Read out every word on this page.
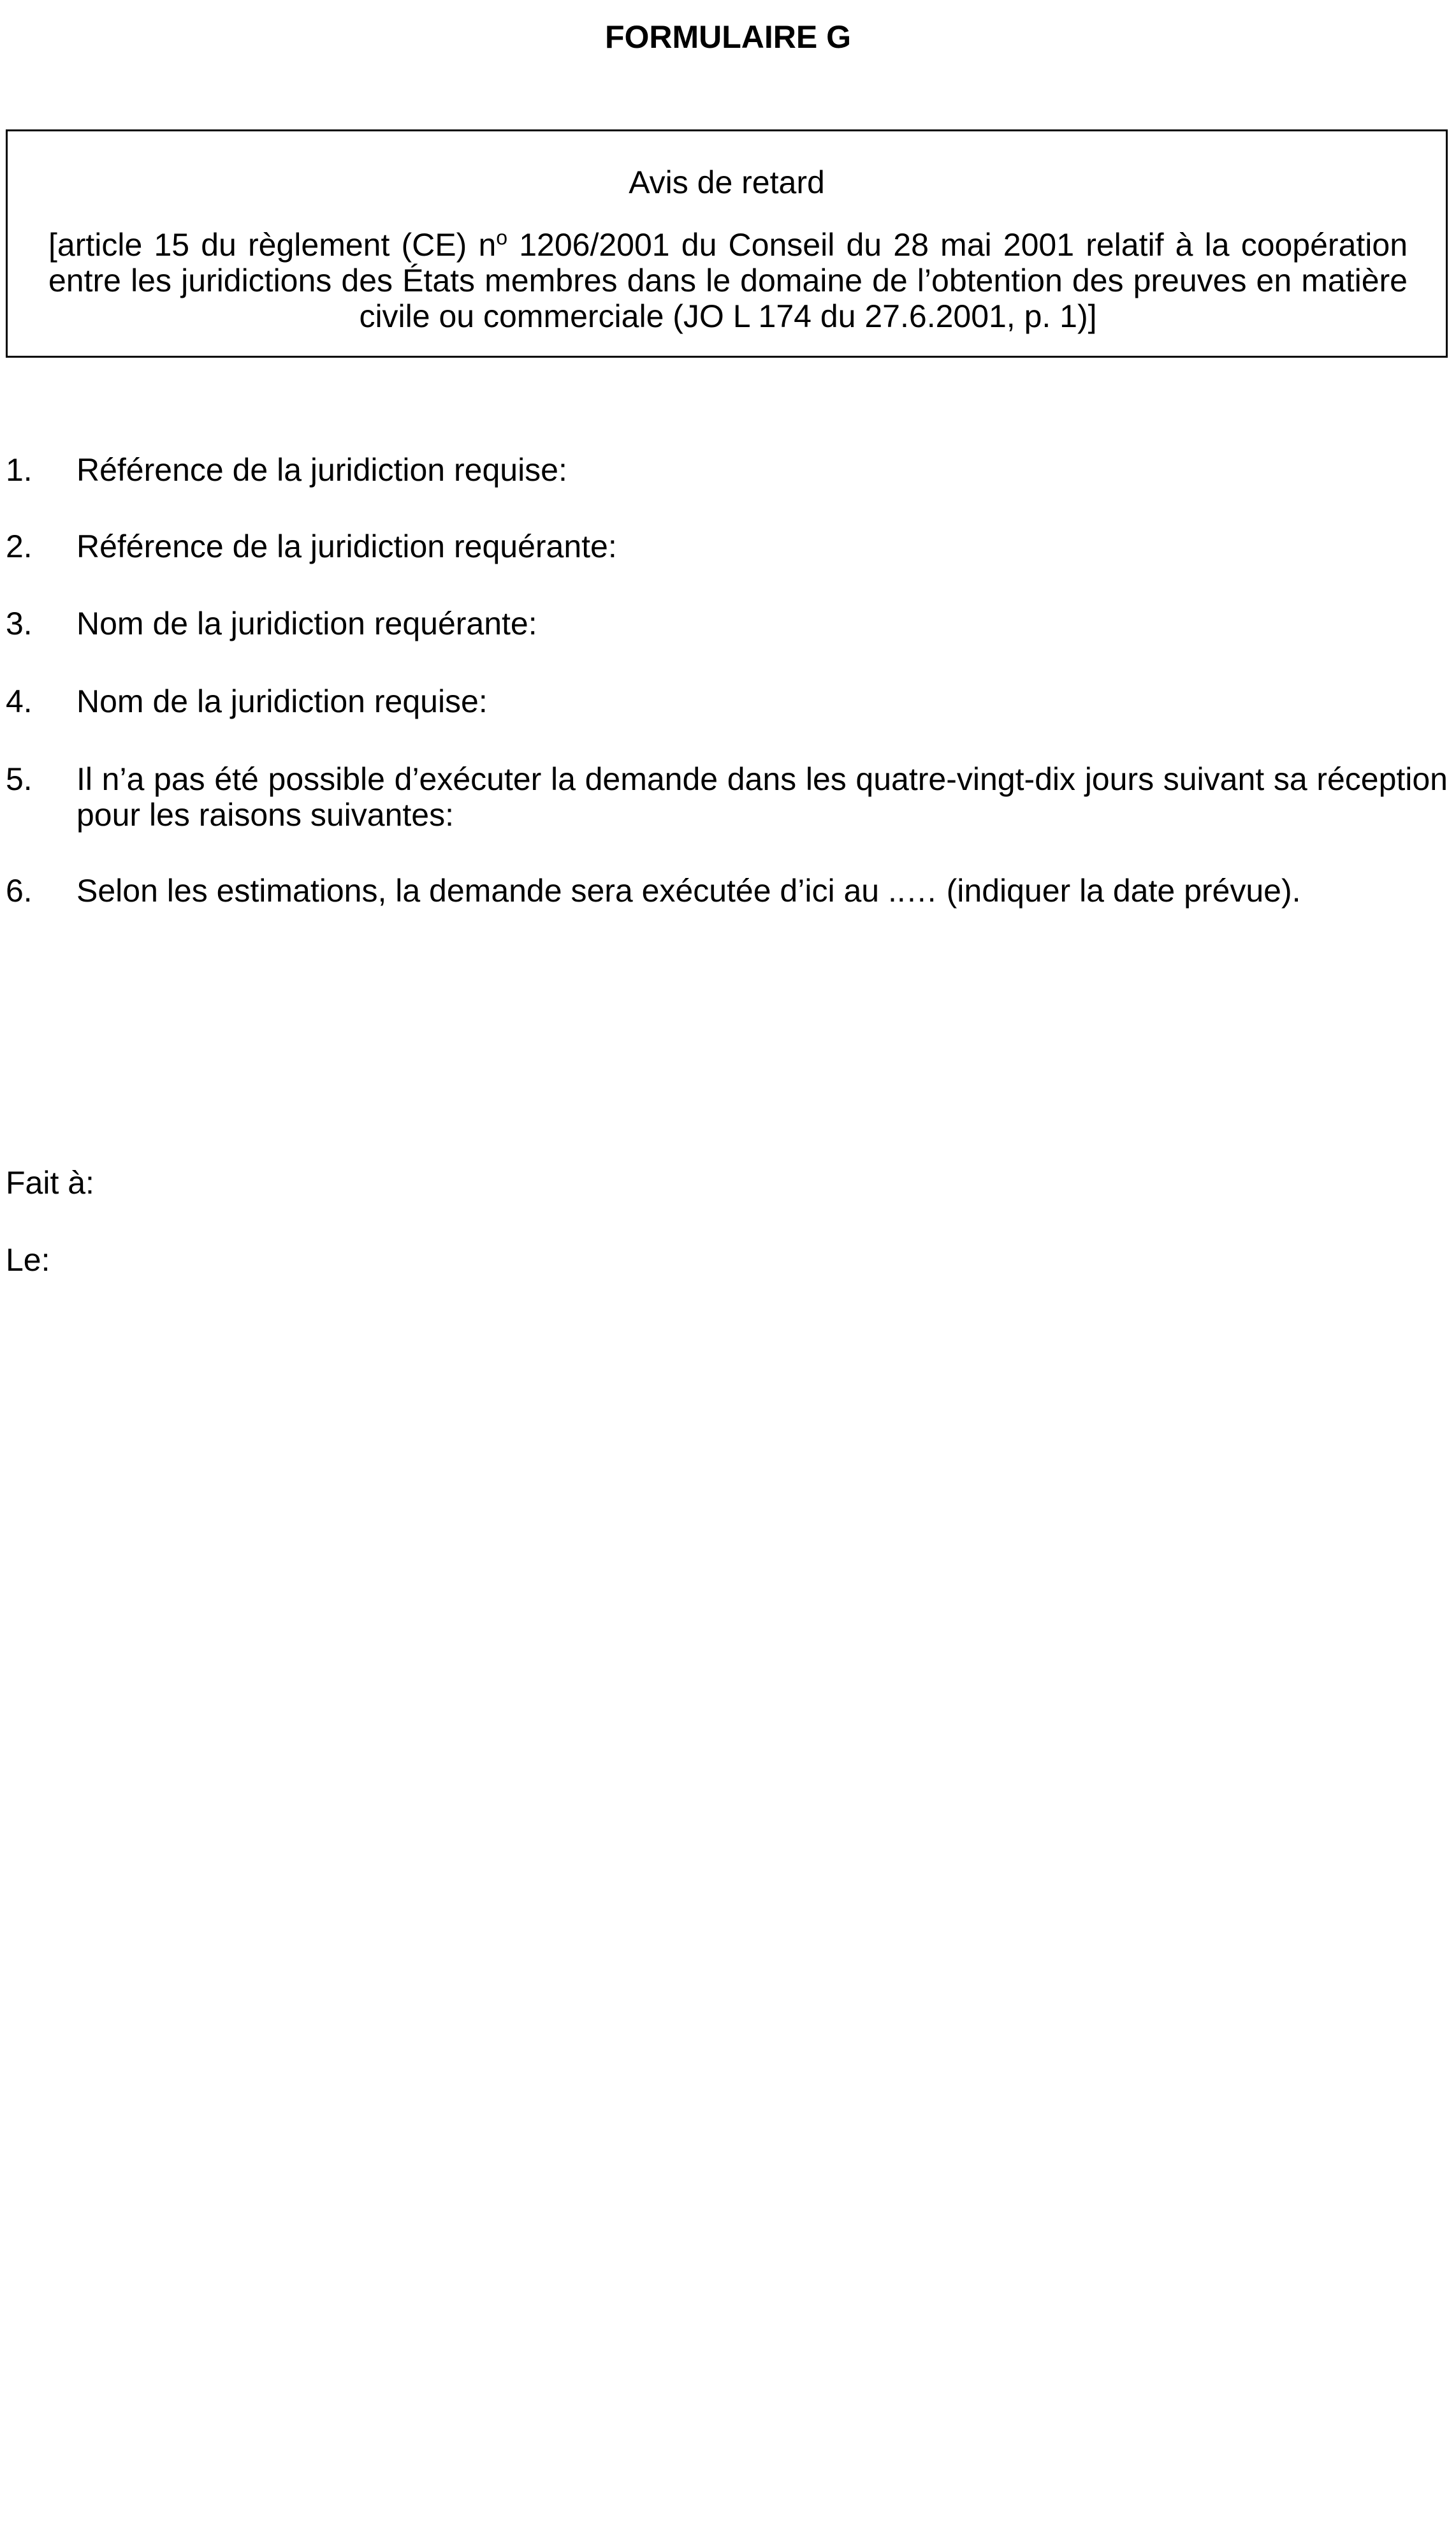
FORMULAIRE G
Avis de retard
[article 15 du règlement (CE) $n^o$ 1206/2001 du Conseil du 28 mai 2001 relatif à la coopération entre les juridictions des États membres dans le domaine de l’obtention des preuves en matière civile ou commerciale (JO L 174 du 27.6.2001, p. 1)]
1.	Référence de la juridiction requise:
2.	Référence de la juridiction requérante:
3.	Nom de la juridiction requérante:
4.	Nom de la juridiction requise:
5.	Il n’a pas été possible d’exécuter la demande dans les quatre-vingt-dix jours suivant sa réception pour les raisons suivantes:
6.	Selon les estimations, la demande sera exécutée d’ici au ..… (indiquer la date prévue).
Fait à:
Le:
